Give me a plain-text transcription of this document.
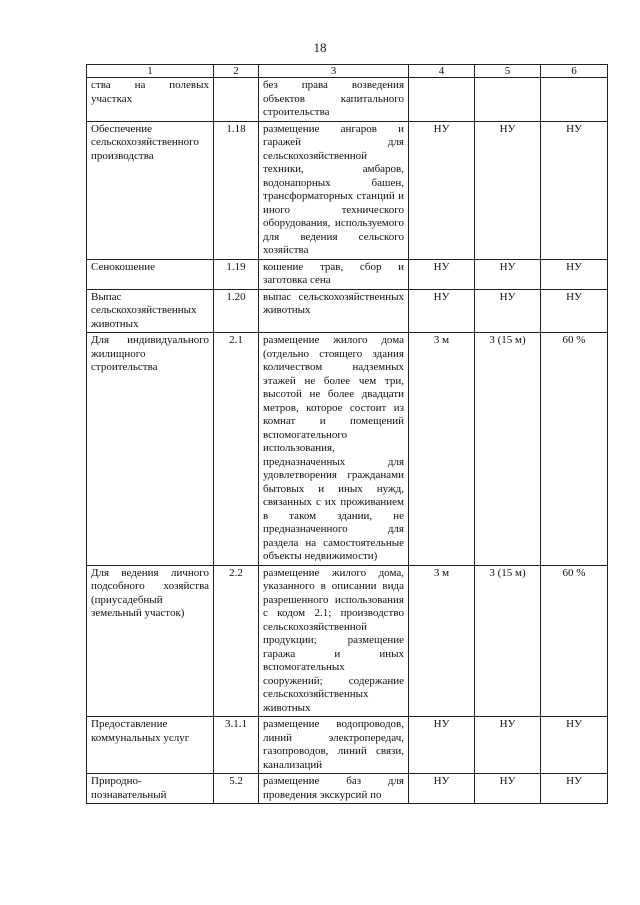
18
1	2	3	4	5	6
ства на полевых участках		без права возведения объектов капитального строительства			
Обеспечение сельскохозяйственного производства	1.18	размещение ангаров и гаражей для сельскохозяйственной техники, амбаров, водонапорных башен, трансформаторных станций и иного технического оборудования, используемого для ведения сельского хозяйства	НУ	НУ	НУ
Сенокошение	1.19	кошение трав, сбор и заготовка сена	НУ	НУ	НУ
Выпас сельскохозяйственных животных	1.20	выпас сельскохозяйственных животных	НУ	НУ	НУ
Для индивидуального жилищного строительства	2.1	размещение жилого дома (отдельно стоящего здания количеством надземных этажей не более чем три, высотой не более двадцати метров, которое состоит из комнат и помещений вспомогательного использования, предназначенных для удовлетворения гражданами бытовых и иных нужд, связанных с их проживанием в таком здании, не предназначенного для раздела на самостоятельные объекты недвижимости)	3 м	3 (15 м)	60 %
Для ведения личного подсобного хозяйства (приусадебный земельный участок)	2.2	размещение жилого дома, указанного в описании вида разрешенного использования с кодом 2.1; производство сельскохозяйственной продукции; размещение гаража и иных вспомогательных сооружений; содержание сельскохозяйственных животных	3 м	3 (15 м)	60 %
Предоставление коммунальных услуг	3.1.1	размещение водопроводов, линий электропередач, газопроводов, линий связи, канализаций	НУ	НУ	НУ
Природно-познавательный	5.2	размещение баз для проведения экскурсий по	НУ	НУ	НУ
